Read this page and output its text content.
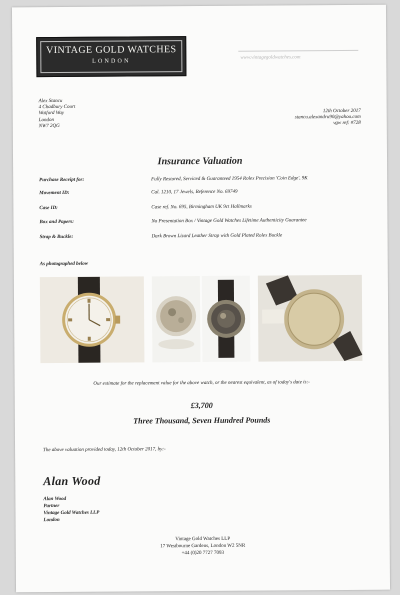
VINTAGE GOLD WATCHES
LONDON
www.vintagegoldwatches.com
Alex Stancu
4 Chadbury Court
Watford Way
London
NW7 2QG
12th October 2017
stancu.alexandru90@yahoo.com
vgw ref: #728
Insurance Valuation
Purchase Receipt for:	Fully Restored, Serviced & Guaranteed 1954 Rolex Precision 'Coin Edge', 9K
Movement ID:	Cal. 1210, 17 Jewels, Reference No. 69749
Case ID:	Case ref. No. 695, Birmingham UK 9ct Hallmarks
Box and Papers:	No Presentation Box / Vintage Gold Watches Lifetime Authenticity Guarantee
Strap & Buckle:	Dark Brown Lizard Leather Strap with Gold Plated Rolex Buckle
As photographed below
Our estimate for the replacement value for the above watch, or the nearest equivalent, as of today's date is:-
£3,700
Three Thousand, Seven Hundred Pounds
The above valuation provided today, 12th October 2017, by:-
Alan Wood
Alan Wood
Partner
Vintage Gold Watches LLP
London
Vintage Gold Watches LLP
17 Westbourne Gardens, London W2 5NR
+44 (0)20 7727 7093
